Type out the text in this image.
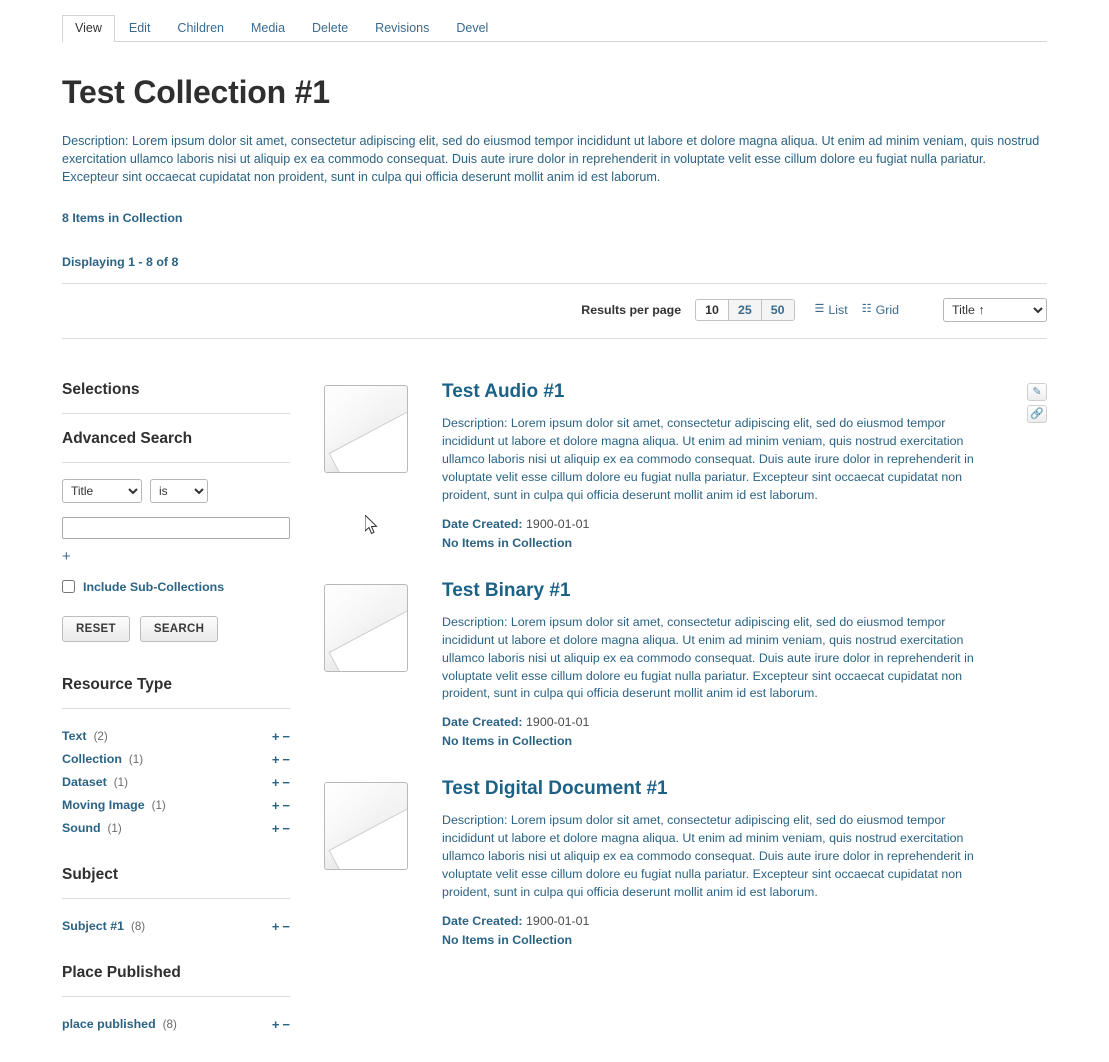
View	Edit	Children	Media	Delete	Revisions	Devel
Test Collection #1
Description: Lorem ipsum dolor sit amet, consectetur adipiscing elit, sed do eiusmod tempor incididunt ut labore et dolore magna aliqua. Ut enim ad minim veniam, quis nostrud exercitation ullamco laboris nisi ut aliquip ex ea commodo consequat. Duis aute irure dolor in reprehenderit in voluptate velit esse cillum dolore eu fugiat nulla pariatur. Excepteur sint occaecat cupidatat non proident, sunt in culpa qui officia deserunt mollit anim id est laborum.
8 Items in Collection
Displaying 1 - 8 of 8
Results per page	10	25	50	☰ List ☷ Grid
Title ↑
Selections
Advanced Search
Title
is
+
Include Sub-Collections
RESET	SEARCH
Resource Type
Text (2)	+ −
Collection (1)	+ −
Dataset (1)	+ −
Moving Image (1)	+ −
Sound (1)	+ −
Subject
Subject #1 (8)	+ −
Place Published
place published (8)	+ −
Test Audio #1
Description: Lorem ipsum dolor sit amet, consectetur adipiscing elit, sed do eiusmod tempor incididunt ut labore et dolore magna aliqua. Ut enim ad minim veniam, quis nostrud exercitation ullamco laboris nisi ut aliquip ex ea commodo consequat. Duis aute irure dolor in reprehenderit in voluptate velit esse cillum dolore eu fugiat nulla pariatur. Excepteur sint occaecat cupidatat non proident, sunt in culpa qui officia deserunt mollit anim id est laborum.
Date Created: 1900-01-01
No Items in Collection
✎
🔗
Test Binary #1
Description: Lorem ipsum dolor sit amet, consectetur adipiscing elit, sed do eiusmod tempor incididunt ut labore et dolore magna aliqua. Ut enim ad minim veniam, quis nostrud exercitation ullamco laboris nisi ut aliquip ex ea commodo consequat. Duis aute irure dolor in reprehenderit in voluptate velit esse cillum dolore eu fugiat nulla pariatur. Excepteur sint occaecat cupidatat non proident, sunt in culpa qui officia deserunt mollit anim id est laborum.
Date Created: 1900-01-01
No Items in Collection
Test Digital Document #1
Description: Lorem ipsum dolor sit amet, consectetur adipiscing elit, sed do eiusmod tempor incididunt ut labore et dolore magna aliqua. Ut enim ad minim veniam, quis nostrud exercitation ullamco laboris nisi ut aliquip ex ea commodo consequat. Duis aute irure dolor in reprehenderit in voluptate velit esse cillum dolore eu fugiat nulla pariatur. Excepteur sint occaecat cupidatat non proident, sunt in culpa qui officia deserunt mollit anim id est laborum.
Date Created: 1900-01-01
No Items in Collection
